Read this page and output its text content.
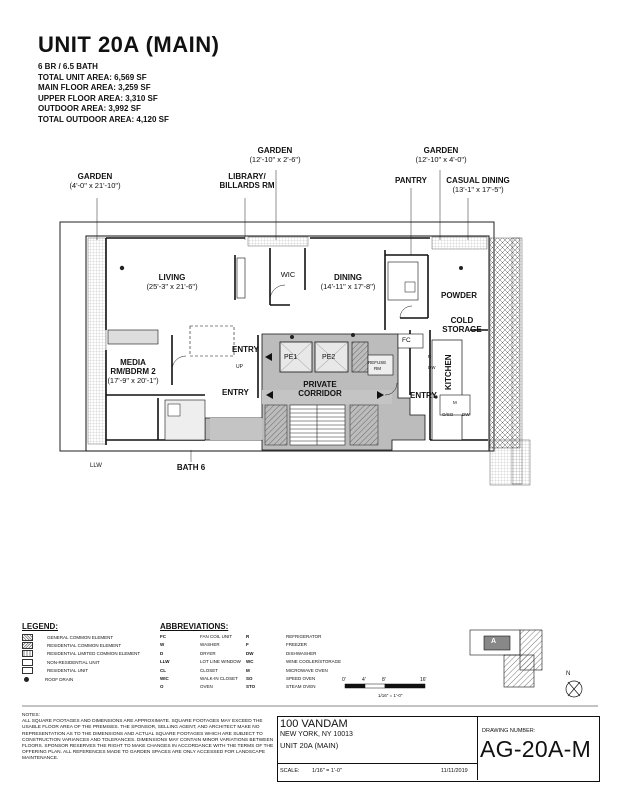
UNIT 20A (MAIN)
6 BR / 6.5 BATH
TOTAL UNIT AREA: 6,569 SF
MAIN FLOOR AREA: 3,259 SF
UPPER FLOOR AREA: 3,310 SF
OUTDOOR AREA: 3,992 SF
TOTAL OUTDOOR AREA: 4,120 SF
GARDEN
(4'-0" x 21'-10")
LIBRARY/
BILLARDS RM
GARDEN
(12'-10" x 2'-6")
PANTRY
GARDEN
(12'-10" x 4'-0")
CASUAL DINING
(13'-1" x 17'-5")
LIVING
(25'-3" x 21'-6")
WIC	DINING
(14'-11" x 17'-8")
POWDER
COLD
STORAGE
MEDIA
RM/BDRM 2
(17'-9" x 20'-1")
ENTRY
ENTRY	ENTRY
PRIVATE
CORRIDOR
KITCHEN
BATH 6
PE1	PE2
FC
REFUSE
RM
UP
LLW
DW
O/SO
R
M
DW
LEGEND:
GENERAL COMMON ELEMENT
RESIDENTIAL COMMON ELEMENT
RESIDENTIAL LIMITED COMMON ELEMENT
NON-RESIDENTIAL UNIT
RESIDENTIAL UNIT
ROOF DRAIN
ABBREVIATIONS:
FC	FAN COIL UNIT
W	WASHER
D	DRYER
LLW	LOT LINE WINDOW
CL	CLOSET
WIC	WALK-IN CLOSET
O	OVEN
R	REFRIGERATOR
F	FREEZER
DW	DISHWASHER
WC	WINE COOLER/STORAGE
M	MICROWAVE OVEN
SO	SPEED OVEN
STO	STEAM OVEN
0'	4'	8'	16'
1/16" = 1'-0"
A
N
NOTES:
ALL SQUARE FOOTAGES AND DIMENSIONS ARE APPROXIMATE. SQUARE FOOTAGES MAY EXCEED THE USABLE FLOOR AREA OF THE PREMISES. THE SPONSOR, SELLING AGENT, AND ARCHITECT MAKE NO REPRESENTATION AS TO THE DIMENSIONS AND ACTUAL SQUARE FOOTAGES WHICH ARE SUBJECT TO CONSTRUCTION VARIANCES AND TOLERANCES. DIMENSIONS MAY CONTAIN MINOR VARIATIONS BETWEEN FLOORS. SPONSOR RESERVES THE RIGHT TO MAKE CHANGES IN ACCORDANCE WITH THE TERMS OF THE OFFERING PLAN. ALL REFERENCES MADE TO GARDEN SPACES ARE ONLY ACCESSED FOR LANDSCAPE MAINTENANCE.
100 VANDAM
NEW YORK, NY 10013
UNIT 20A (MAIN)
SCALE: 1/16" = 1'-0"	11/11/2019
DRAWING NUMBER:
AG-20A-M
